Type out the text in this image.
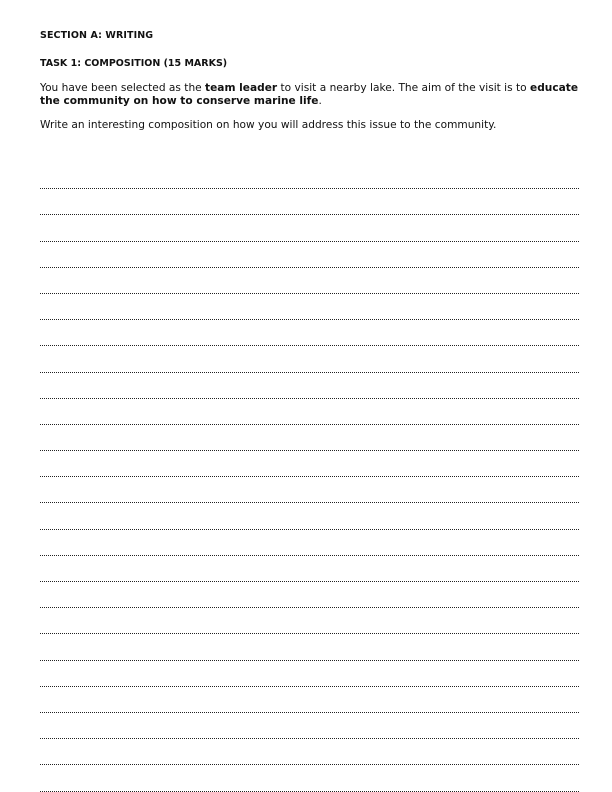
SECTION A: WRITING
TASK 1: COMPOSITION (15 MARKS)

You have been selected as the team leader to visit a nearby lake. The aim of the visit is to educate the community on how to conserve marine life.

Write an interesting composition on how you will address this issue to the community.
